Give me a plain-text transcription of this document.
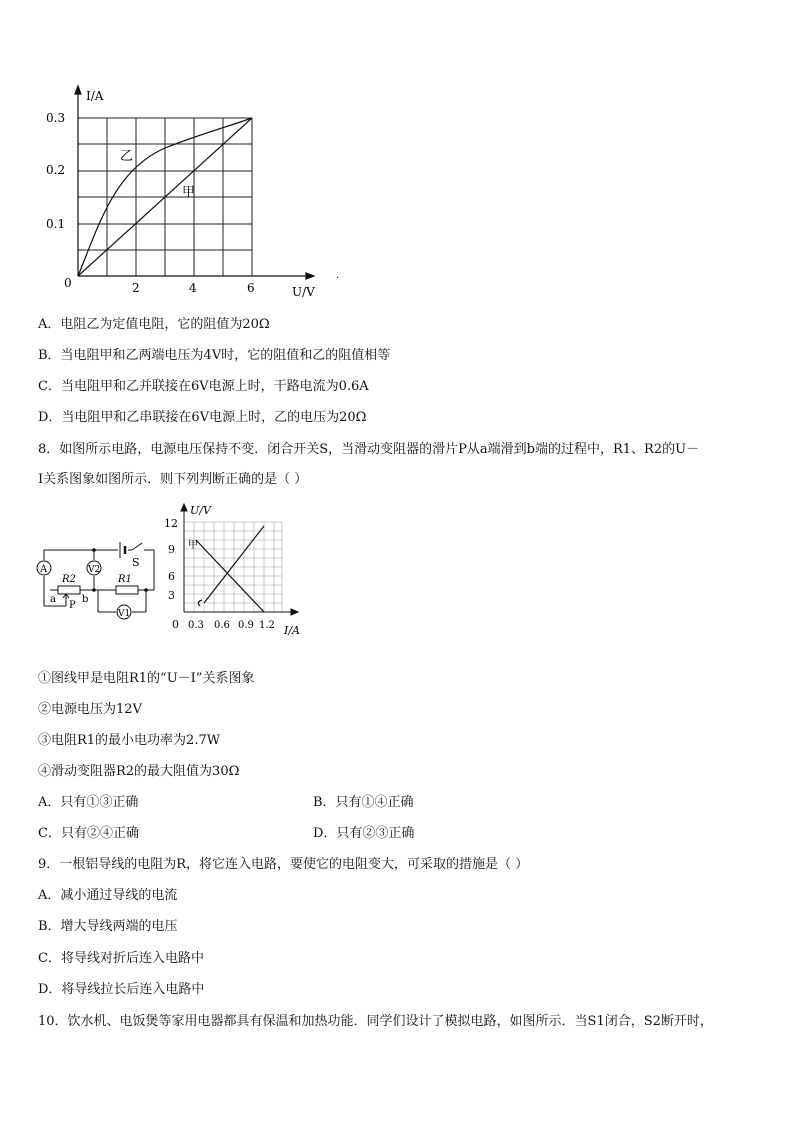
I/A
U/V
0.3
0.2
0.1
0	2	4	6
乙
甲
.
A．电阻乙为定值电阻，它的阻值为20Ω
B．当电阻甲和乙两端电压为4V时，它的阻值和乙的阻值相等
C．当电阻甲和乙并联接在6V电源上时，干路电流为0.6A
D．当电阻甲和乙串联接在6V电源上时，乙的电压为20Ω
8．如图所示电路，电源电压保持不变．闭合开关S，当滑动变阻器的滑片P从a端滑到b端的过程中，R1、R2的U－
I关系图象如图所示．则下列判断正确的是（ ）
A	V2
V1
S
R2	R1
P
a	b
U/V
I/A
12
9
6
3
0 0.3 0.6 0.9 1.2
甲
①图线甲是电阻R1的“U－I”关系图象
②电源电压为12V
③电阻R1的最小电功率为2.7W
④滑动变阻器R2的最大阻值为30Ω
A．只有①③正确	B．只有①④正确
C．只有②④正确	D．只有②③正确
9．一根铝导线的电阻为R，将它连入电路，要使它的电阻变大，可采取的措施是（ ）
A．减小通过导线的电流
B．增大导线两端的电压
C．将导线对折后连入电路中
D．将导线拉长后连入电路中
10．饮水机、电饭煲等家用电器都具有保温和加热功能．同学们设计了模拟电路，如图所示．当S1闭合，S2断开时，
